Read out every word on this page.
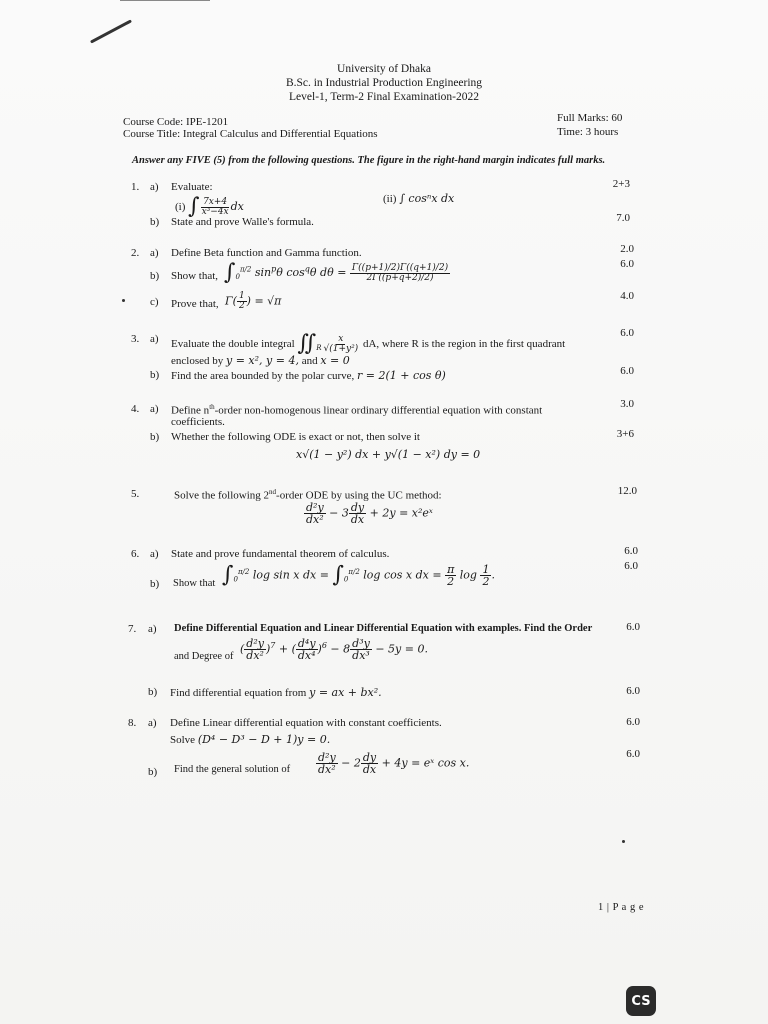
University of Dhaka
B.Sc. in Industrial Production Engineering
Level-1, Term-2 Final Examination-2022
Course Code: IPE-1201
Course Title: Integral Calculus and Differential Equations
Full Marks: 60
Time: 3 hours
Answer any FIVE (5) from the following questions. The figure in the right-hand margin indicates full marks.
1. a) Evaluate:	2+3
(i) ∫ $\frac{7x+4}{\text{x³−4x}}$ dx
(ii) ∫ cosⁿx dx
b) State and prove Walle's formula.	7.0
2. a) Define Beta function and Gamma function.	2.0
b) Show that, $\int_0^{\pi/2}$ $\sin^p\theta$ $\cos^q\theta$ $d\theta = \frac{\Gamma((p+1)/2)\Gamma((q+1)/2)}{2\Gamma((p+q+2)/2)}$	6.0
c) Prove that, $\Gamma( \frac{1}{2}$ ) = √π	4.0
3. a) Evaluate the double integral $∬_R \frac{x}{\text{√(1+y²)}}$ dA, where R is the region in the first quadrant
6.0
enclosed by y = x², y = 4, and x = 0
b) Find the area bounded by the polar curve, r = 2(1 + cos θ)	6.0
4. a) Define $n^{th}$-order non-homogenous linear ordinary differential equation with constant
coefficients.
3.0
b) Whether the following ODE is exact or not, then solve it	3+6
x√(1 − y²) dx + y√(1 − x²) dy = 0
5.	Solve the following 2nd-order ODE by using the UC method:	12.0
$\frac{\text{d²y}}{\text{dx²}} - 3 \frac{dy}{dx} + 2y$ = x²eˣ
6. a) State and prove fundamental theorem of calculus.	6.0
b) Show that $\int_0^{\pi/2}$ log sin x dx = $\int_0^{\pi/2}$ log cos x dx = $\frac{\pi}{2}$ $\log \frac{1}{2}$ .
6.0
7. a) Define Differential Equation and Linear Differential Equation with examples. Find the Order	6.0
and Degree of
( $\frac{\text{d²y}}{\text{dx²}} )^7$ + ( $\frac{\text{d⁴y}}{\text{dx⁴}} )^6 - 8 \frac{\text{d³y}}{\text{dx³}} - 5y = 0$.
b) Find differential equation from y = ax + bx².	6.0
8. a) Define Linear differential equation with constant coefficients.	6.0
Solve (D⁴ − D³ − D + 1)y = 0.
b) Find the general solution of $\frac{\text{d²y}}{\text{dx²}} - 2 \frac{dy}{dx} + 4y$ = eˣ cos x.
6.0
1 | P a g e
CS
